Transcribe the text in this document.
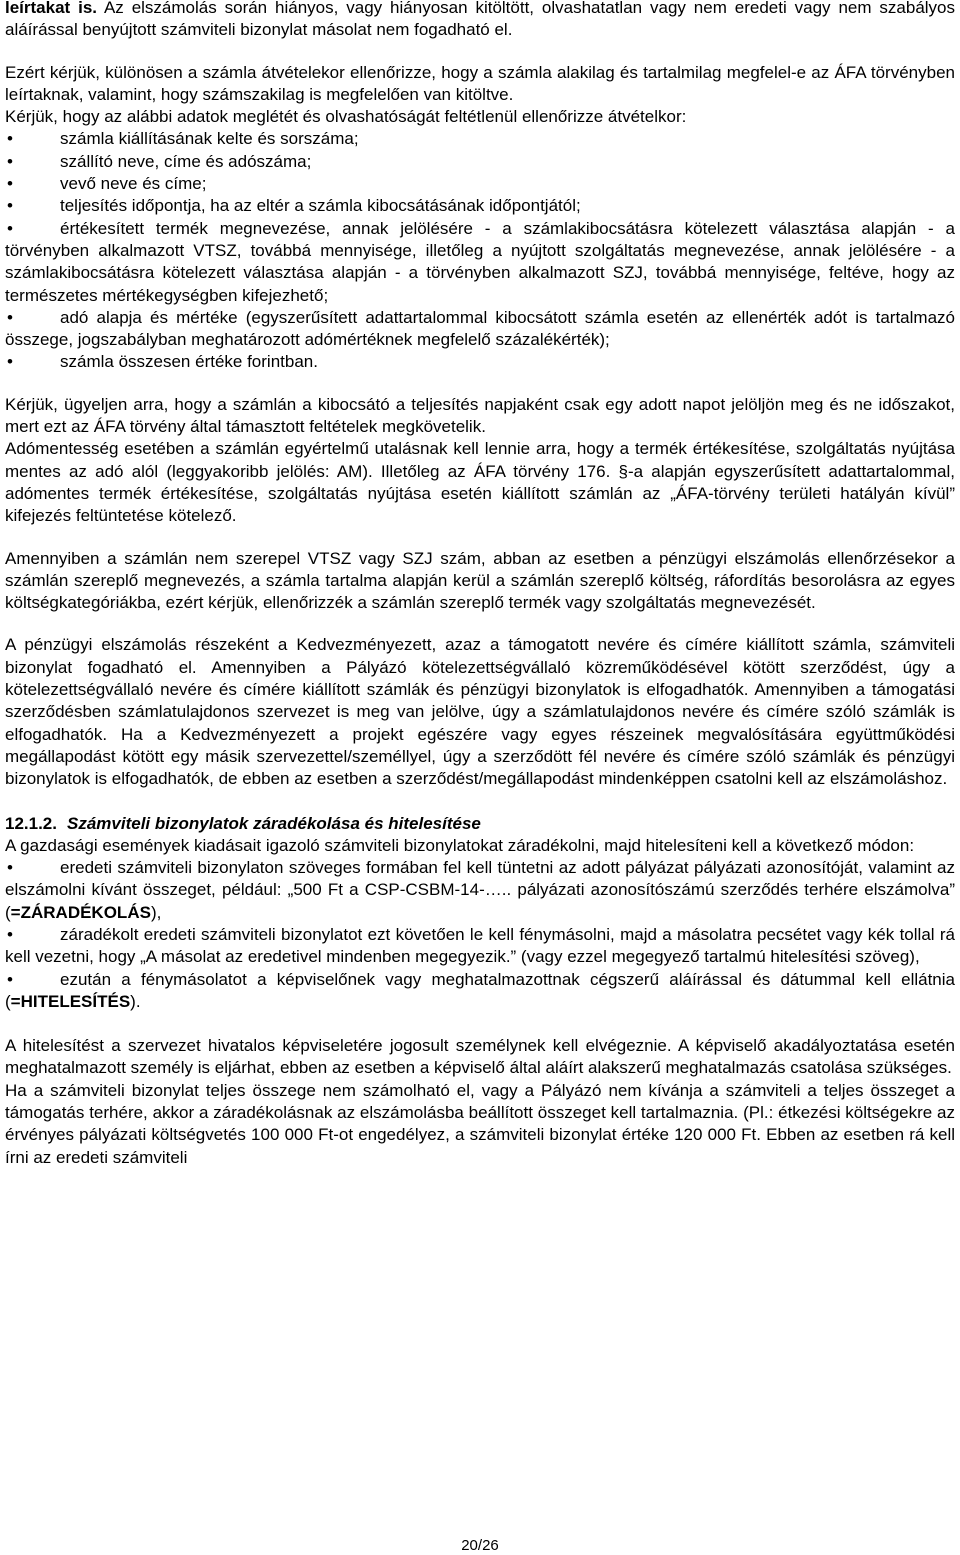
leírtakat is. Az elszámolás során hiányos, vagy hiányosan kitöltött, olvashatatlan vagy nem eredeti vagy nem szabályos aláírással benyújtott számviteli bizonylat másolat nem fogadható el.

Ezért kérjük, különösen a számla átvételekor ellenőrizze, hogy a számla alakilag és tartalmilag megfelel-e az ÁFA törvényben leírtaknak, valamint, hogy számszakilag is megfelelően van kitöltve.

Kérjük, hogy az alábbi adatok meglétét és olvashatóságát feltétlenül ellenőrizze átvételkor:

•	számla kiállításának kelte és sorszáma;

•	szállító neve, címe és adószáma;

•	vevő neve és címe;

•	teljesítés időpontja, ha az eltér a számla kibocsátásának időpontjától;

•	értékesített termék megnevezése, annak jelölésére - a számlakibocsátásra kötelezett választása alapján - a törvényben alkalmazott VTSZ, továbbá mennyisége, illetőleg a nyújtott szolgáltatás megnevezése, annak jelölésére - a számlakibocsátásra kötelezett választása alapján - a törvényben alkalmazott SZJ, továbbá mennyisége, feltéve, hogy az természetes mértékegységben kifejezhető;

•	adó alapja és mértéke (egyszerűsített adattartalommal kibocsátott számla esetén az ellenérték adót is tartalmazó összege, jogszabályban meghatározott adómértéknek megfelelő százalékérték);

•	számla összesen értéke forintban.

Kérjük, ügyeljen arra, hogy a számlán a kibocsátó a teljesítés napjaként csak egy adott napot jelöljön meg és ne időszakot, mert ezt az ÁFA törvény által támasztott feltételek megkövetelik.

Adómentesség esetében a számlán egyértelmű utalásnak kell lennie arra, hogy a termék értékesítése, szolgáltatás nyújtása mentes az adó alól (leggyakoribb jelölés: AM). Illetőleg az ÁFA törvény 176. §-a alapján egyszerűsített adattartalommal, adómentes termék értékesítése, szolgáltatás nyújtása esetén kiállított számlán az „ÁFA-törvény területi hatályán kívül” kifejezés feltüntetése kötelező.

Amennyiben a számlán nem szerepel VTSZ vagy SZJ szám, abban az esetben a pénzügyi elszámolás ellenőrzésekor a számlán szereplő megnevezés, a számla tartalma alapján kerül a számlán szereplő költség, ráfordítás besorolásra az egyes költségkategóriákba, ezért kérjük, ellenőrizzék a számlán szereplő termék vagy szolgáltatás megnevezését.

A pénzügyi elszámolás részeként a Kedvezményezett, azaz a támogatott nevére és címére kiállított számla, számviteli bizonylat fogadható el. Amennyiben a Pályázó kötelezettségvállaló közreműködésével kötött szerződést, úgy a kötelezettségvállaló nevére és címére kiállított számlák és pénzügyi bizonylatok is elfogadhatók. Amennyiben a támogatási szerződésben számlatulajdonos szervezet is meg van jelölve, úgy a számlatulajdonos nevére és címére szóló számlák is elfogadhatók. Ha a Kedvezményezett a projekt egészére vagy egyes részeinek megvalósítására együttműködési megállapodást kötött egy másik szervezettel/személlyel, úgy a szerződött fél nevére és címére szóló számlák és pénzügyi bizonylatok is elfogadhatók, de ebben az esetben a szerződést/megállapodást mindenképpen csatolni kell az elszámoláshoz.

12.1.2. Számviteli bizonylatok záradékolása és hitelesítése

A gazdasági események kiadásait igazoló számviteli bizonylatokat záradékolni, majd hitelesíteni kell a következő módon:

•	eredeti számviteli bizonylaton szöveges formában fel kell tüntetni az adott pályázat pályázati azonosítóját, valamint az elszámolni kívánt összeget, például: „500 Ft a CSP-CSBM-14-….. pályázati azonosítószámú szerződés terhére elszámolva” (=ZÁRADÉKOLÁS),

•	záradékolt eredeti számviteli bizonylatot ezt követően le kell fénymásolni, majd a másolatra pecsétet vagy kék tollal rá kell vezetni, hogy „A másolat az eredetivel mindenben megegyezik.” (vagy ezzel megegyező tartalmú hitelesítési szöveg),

•	ezután a fénymásolatot a képviselőnek vagy meghatalmazottnak cégszerű aláírással és dátummal kell ellátnia (=HITELESÍTÉS).

A hitelesítést a szervezet hivatalos képviseletére jogosult személynek kell elvégeznie. A képviselő akadályoztatása esetén meghatalmazott személy is eljárhat, ebben az esetben a képviselő által aláírt alakszerű meghatalmazás csatolása szükséges.

Ha a számviteli bizonylat teljes összege nem számolható el, vagy a Pályázó nem kívánja a számviteli a teljes összeget a támogatás terhére, akkor a záradékolásnak az elszámolásba beállított összeget kell tartalmaznia. (Pl.: étkezési költségekre az érvényes pályázati költségvetés 100 000 Ft-ot engedélyez, a számviteli bizonylat értéke 120 000 Ft. Ebben az esetben rá kell írni az eredeti számviteli

20/26
